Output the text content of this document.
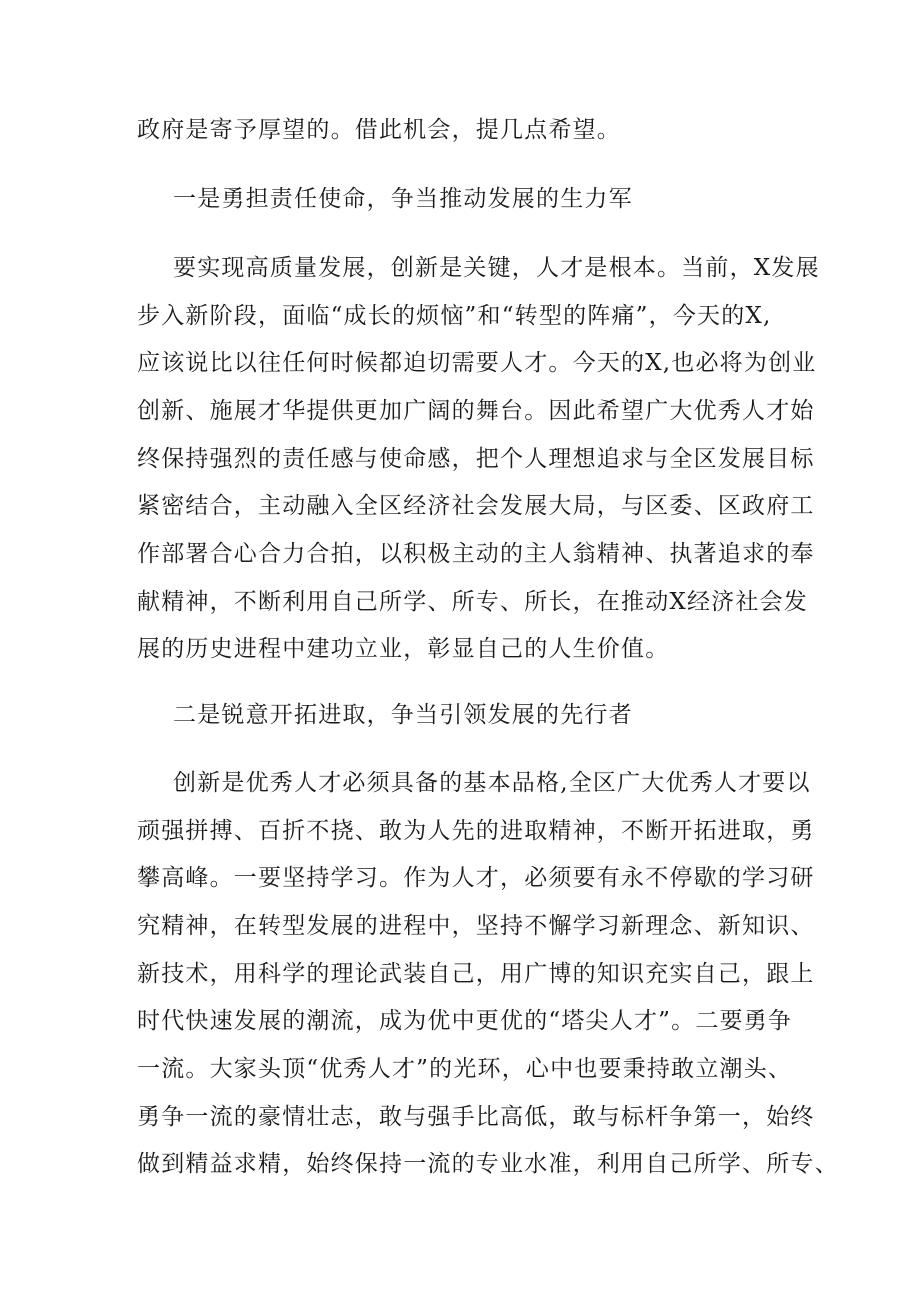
政府是寄予厚望的。借此机会，提几点希望。
一是勇担责任使命，争当推动发展的生力军
要实现高质量发展，创新是关键，人才是根本。当前，X发展
步入新阶段，面临“成长的烦恼”和“转型的阵痛”，今天的X,
应该说比以往任何时候都迫切需要人才。今天的X,也必将为创业
创新、施展才华提供更加广阔的舞台。因此希望广大优秀人才始
终保持强烈的责任感与使命感，把个人理想追求与全区发展目标
紧密结合，主动融入全区经济社会发展大局，与区委、区政府工
作部署合心合力合拍，以积极主动的主人翁精神、执著追求的奉
献精神，不断利用自己所学、所专、所长，在推动X经济社会发
展的历史进程中建功立业，彰显自己的人生价值。
二是锐意开拓进取，争当引领发展的先行者
创新是优秀人才必须具备的基本品格,全区广大优秀人才要以
顽强拼搏、百折不挠、敢为人先的进取精神，不断开拓进取，勇
攀高峰。一要坚持学习。作为人才，必须要有永不停歇的学习研
究精神，在转型发展的进程中，坚持不懈学习新理念、新知识、
新技术，用科学的理论武装自己，用广博的知识充实自己，跟上
时代快速发展的潮流，成为优中更优的“塔尖人才”。二要勇争
一流。大家头顶“优秀人才”的光环，心中也要秉持敢立潮头、
勇争一流的豪情壮志，敢与强手比高低，敢与标杆争第一，始终
做到精益求精，始终保持一流的专业水准，利用自己所学、所专、
